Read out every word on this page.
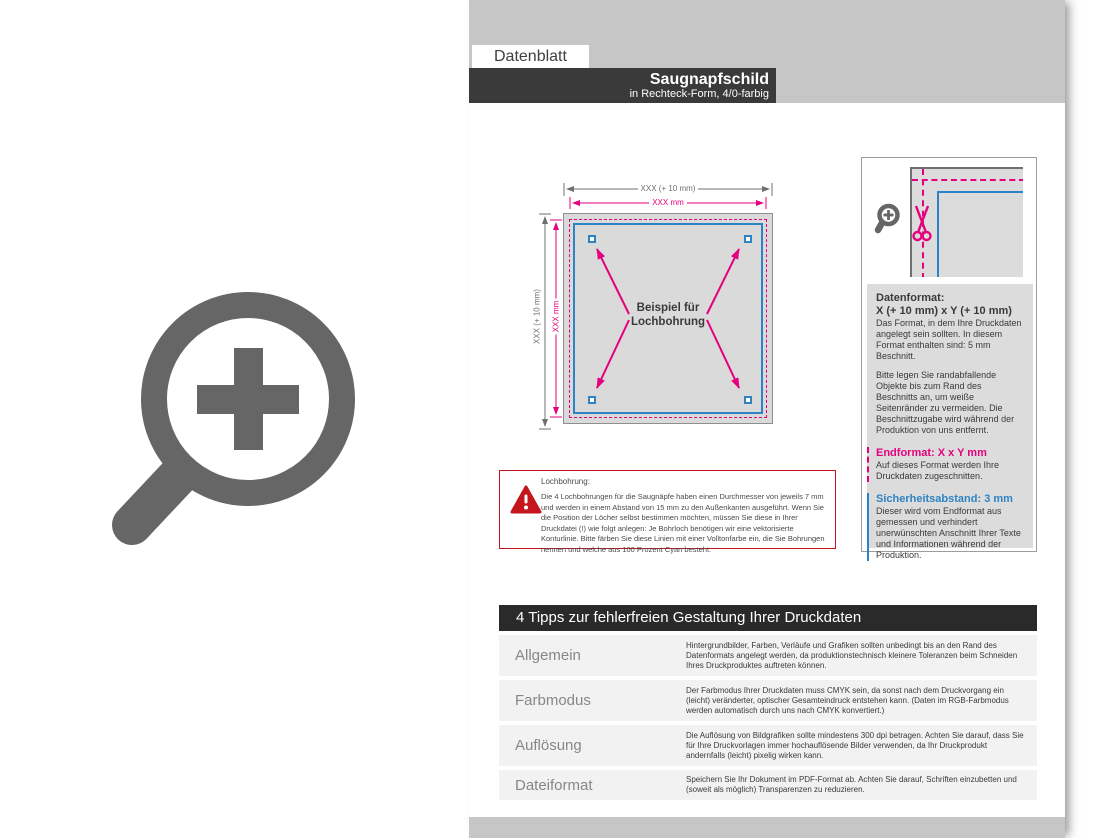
Datenblatt
Saugnapfschild
in Rechteck-Form, 4/0-farbig
XXX (+ 10 mm)
XXX mm
XXX (+ 10 mm) XXX mm	Beispiel für
Lochbohrung
Datenformat:
X (+ 10 mm) x Y (+ 10 mm)

Das Format, in dem Ihre Druckdaten angelegt sein sollten. In diesem Format enthalten sind: 5 mm Beschnitt.

Bitte legen Sie randabfallende Objekte bis zum Rand des Beschnitts an, um weiße Seitenränder zu vermeiden. Die Beschnittzugabe wird während der Produktion von uns entfernt.

Endformat: X x Y mm

Auf dieses Format werden Ihre Druckdaten zugeschnitten.

Sicherheitsabstand: 3 mm

Dieser wird vom Endformat aus gemessen und verhindert unerwünschten Anschnitt Ihrer Texte und Informationen während der Produktion.

Lochbohrung:
Die 4 Lochbohrungen für die Saugnäpfe haben einen Durchmesser von jeweils 7 mm und werden in einem Abstand von 15 mm zu den Außenkanten ausgeführt. Wenn Sie die Position der Löcher selbst bestimmen möchten, müssen Sie diese in Ihrer Druckdatei (!) wie folgt anlegen: Je Bohrloch benötigen wir eine vektorisierte Konturlinie. Bitte färben Sie diese Linien mit einer Volltonfarbe ein, die Sie Bohrungen nennen und welche aus 100 Prozent Cyan besteht.
4 Tipps zur fehlerfreien Gestaltung Ihrer Druckdaten
Allgemein
Hintergrundbilder, Farben, Verläufe und Grafiken sollten unbedingt bis an den Rand des Datenformats angelegt werden, da produktionstechnisch kleinere Toleranzen beim Schneiden Ihres Druckproduktes auftreten können.
Farbmodus
Der Farbmodus Ihrer Druckdaten muss CMYK sein, da sonst nach dem Druckvorgang ein (leicht) veränderter, optischer Gesamteindruck entstehen kann. (Daten im RGB-Farbmodus werden automatisch durch uns nach CMYK konvertiert.)
Auflösung
Die Auflösung von Bildgrafiken sollte mindestens 300 dpi betragen. Achten Sie darauf, dass Sie für Ihre Druckvorlagen immer hochauflösende Bilder verwenden, da Ihr Druckprodukt andernfalls (leicht) pixelig wirken kann.
Dateiformat	Speichern Sie Ihr Dokument im PDF-Format ab. Achten Sie darauf, Schriften einzubetten und (soweit als möglich) Transparenzen zu reduzieren.
